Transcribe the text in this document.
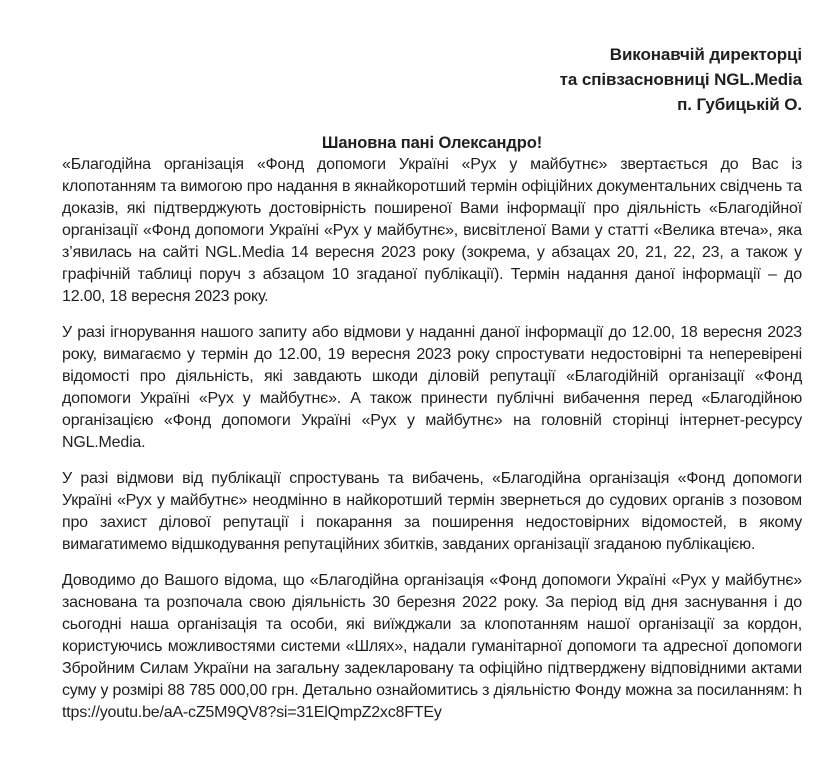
Виконавчій директорці
та співзасновниці NGL.Media
п. Губицькій О.
Шановна пані Олександро!

«Благодійна організація «Фонд допомоги Україні «Рух у майбутнє» звертається до Вас із клопотанням та вимогою про надання в якнайкоротший термін офіційних документальних свідчень та доказів, які підтверджують достовірність поширеної Вами інформації про діяльність «Благодійної організації «Фонд допомоги Україні «Рух у майбутнє», висвітленої Вами у статті «Велика втеча», яка з’явилась на сайті NGL.Media 14 вересня 2023 року (зокрема, у абзацах 20, 21, 22, 23, а також у графічній таблиці поруч з абзацом 10 згаданої публікації). Термін надання даної інформації – до 12.00, 18 вересня 2023 року.

У разі ігнорування нашого запиту або відмови у наданні даної інформації до 12.00, 18 вересня 2023 року, вимагаємо у термін до 12.00, 19 вересня 2023 року спростувати недостовірні та неперевірені відомості про діяльність, які завдають шкоди діловій репутації «Благодійній організації «Фонд допомоги Україні «Рух у майбутнє». А також принести публічні вибачення перед «Благодійною організацією «Фонд допомоги Україні «Рух у майбутнє» на головній сторінці інтернет-ресурсу NGL.Media.

У разі відмови від публікації спростувань та вибачень, «Благодійна організація «Фонд допомоги Україні «Рух у майбутнє» неодмінно в найкоротший термін звернеться до судових органів з позовом про захист ділової репутації і покарання за поширення недостовірних відомостей, в якому вимагатимемо відшкодування репутаційних збитків, завданих організації згаданою публікацією.

Доводимо до Вашого відома, що «Благодійна організація «Фонд допомоги Україні «Рух у майбутнє» заснована та розпочала свою діяльність 30 березня 2022 року. За період від дня заснування і до сьогодні наша організація та особи, які виїжджали за клопотанням нашої організації за кордон, користуючись можливостями системи «Шлях», надали гуманітарної допомоги та адресної допомоги Збройним Силам України на загальну задекларовану та офіційно підтверджену відповідними актами суму у розмірі 88 785 000,00 грн. Детально ознайомитись з діяльністю Фонду можна за посиланням: https://youtu.be/aA-cZ5M9QV8?si=31ElQmpZ2xc8FTEy
